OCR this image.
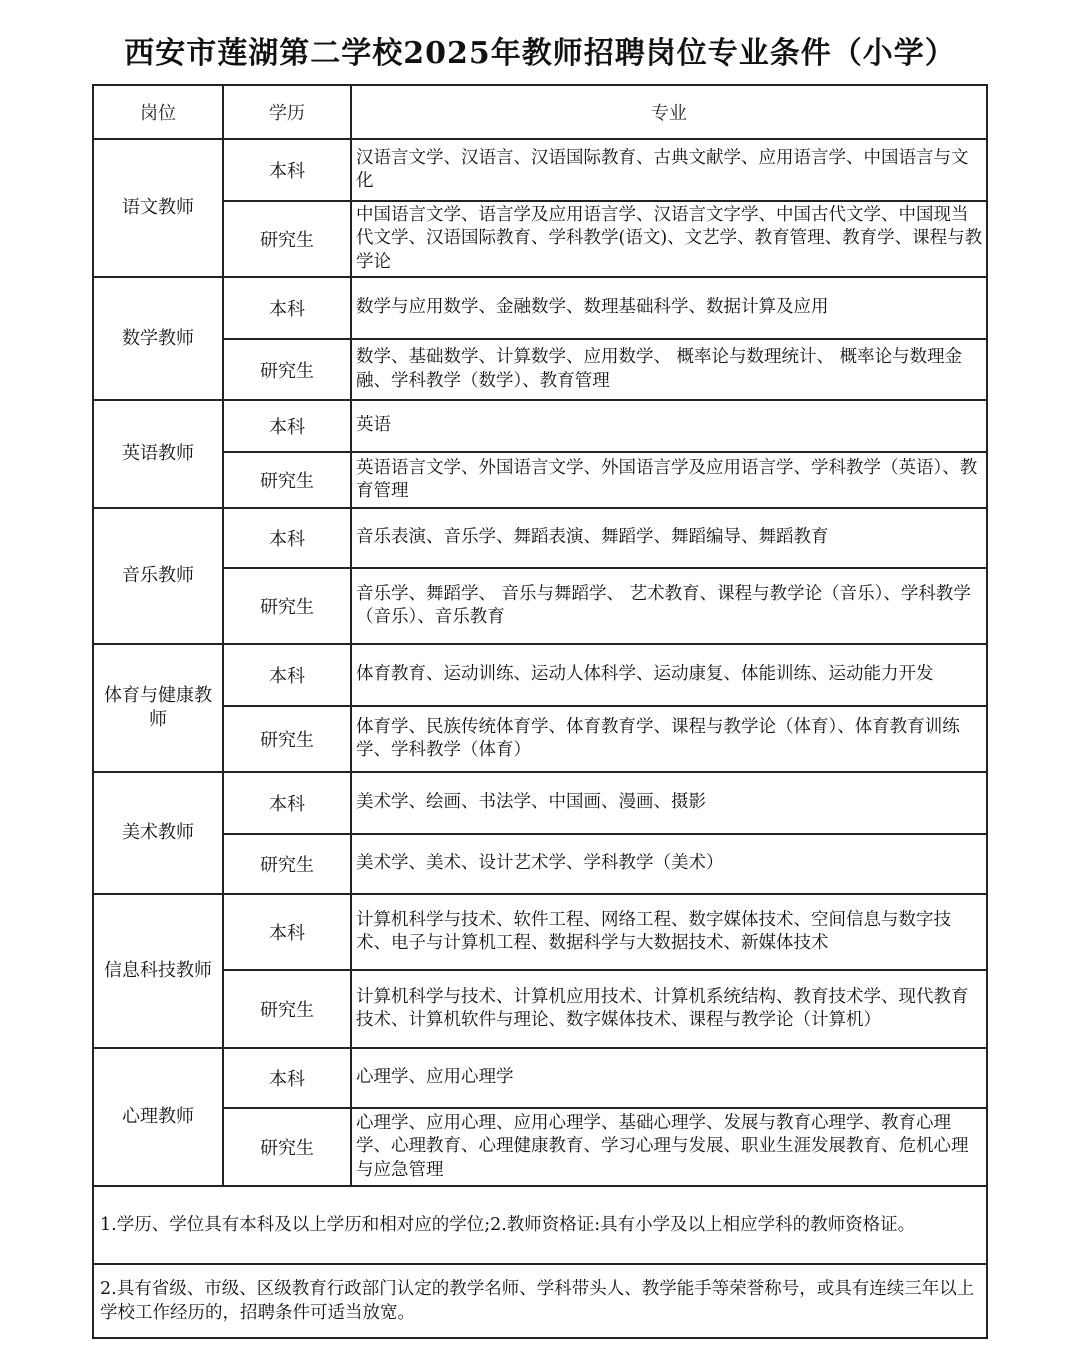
西安市莲湖第二学校2025年教师招聘岗位专业条件（小学）
岗位	学历	专业
语文教师	本科	汉语言文学、汉语言、汉语国际教育、古典文献学、应用语言学、中国语言与文化
	研究生	中国语言文学、语言学及应用语言学、汉语言文字学、中国古代文学、中国现当代文学、汉语国际教育、学科教学(语文)、文艺学、教育管理、教育学、课程与教学论
数学教师	本科	数学与应用数学、金融数学、数理基础科学、数据计算及应用
	研究生	数学、基础数学、计算数学、应用数学、 概率论与数理统计、 概率论与数理金融、学科教学（数学）、教育管理
英语教师	本科	英语
	研究生	英语语言文学、外国语言文学、外国语言学及应用语言学、学科教学（英语）、教育管理
音乐教师	本科	音乐表演、音乐学、舞蹈表演、舞蹈学、舞蹈编导、舞蹈教育
	研究生	音乐学、舞蹈学、 音乐与舞蹈学、 艺术教育、课程与教学论（音乐）、学科教学（音乐）、音乐教育
体育与健康教师	本科	体育教育、运动训练、运动人体科学、运动康复、体能训练、运动能力开发
	研究生	体育学、民族传统体育学、体育教育学、课程与教学论（体育）、体育教育训练学、学科教学（体育）
美术教师	本科	美术学、绘画、书法学、中国画、漫画、摄影
	研究生	美术学、美术、设计艺术学、学科教学（美术）
信息科技教师	本科	计算机科学与技术、软件工程、网络工程、数字媒体技术、空间信息与数字技术、电子与计算机工程、数据科学与大数据技术、新媒体技术
	研究生	计算机科学与技术、计算机应用技术、计算机系统结构、教育技术学、现代教育技术、计算机软件与理论、数字媒体技术、课程与教学论（计算机）
心理教师	本科	心理学、应用心理学
	研究生	心理学、应用心理、应用心理学、基础心理学、发展与教育心理学、教育心理学、心理教育、心理健康教育、学习心理与发展、职业生涯发展教育、危机心理与应急管理
1.学历、学位具有本科及以上学历和相对应的学位;2.教师资格证:具有小学及以上相应学科的教师资格证。		
2.具有省级、市级、区级教育行政部门认定的教学名师、学科带头人、教学能手等荣誉称号，或具有连续三年以上学校工作经历的，招聘条件可适当放宽。		
